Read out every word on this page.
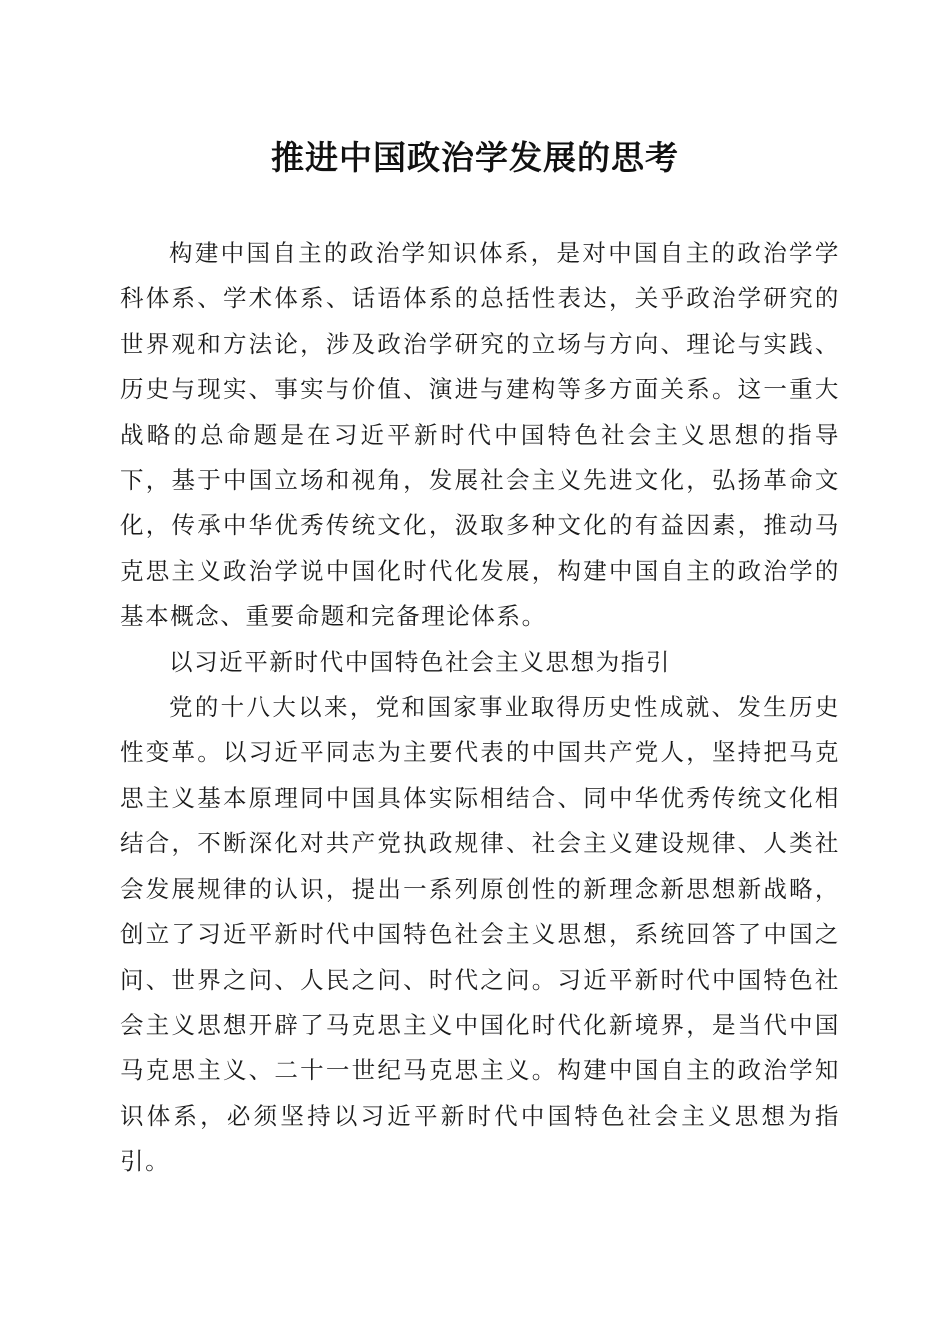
推进中国政治学发展的思考

构建中国自主的政治学知识体系，是对中国自主的政治学学科体系、学术体系、话语体系的总括性表达，关乎政治学研究的世界观和方法论，涉及政治学研究的立场与方向、理论与实践、历史与现实、事实与价值、演进与建构等多方面关系。这一重大战略的总命题是在习近平新时代中国特色社会主义思想的指导下，基于中国立场和视角，发展社会主义先进文化，弘扬革命文化，传承中华优秀传统文化，汲取多种文化的有益因素，推动马克思主义政治学说中国化时代化发展，构建中国自主的政治学的基本概念、重要命题和完备理论体系。

以习近平新时代中国特色社会主义思想为指引

党的十八大以来，党和国家事业取得历史性成就、发生历史性变革。以习近平同志为主要代表的中国共产党人，坚持把马克思主义基本原理同中国具体实际相结合、同中华优秀传统文化相结合，不断深化对共产党执政规律、社会主义建设规律、人类社会发展规律的认识，提出一系列原创性的新理念新思想新战略，创立了习近平新时代中国特色社会主义思想，系统回答了中国之问、世界之问、人民之问、时代之问。习近平新时代中国特色社会主义思想开辟了马克思主义中国化时代化新境界，是当代中国马克思主义、二十一世纪马克思主义。构建中国自主的政治学知识体系，必须坚持以习近平新时代中国特色社会主义思想为指引。
